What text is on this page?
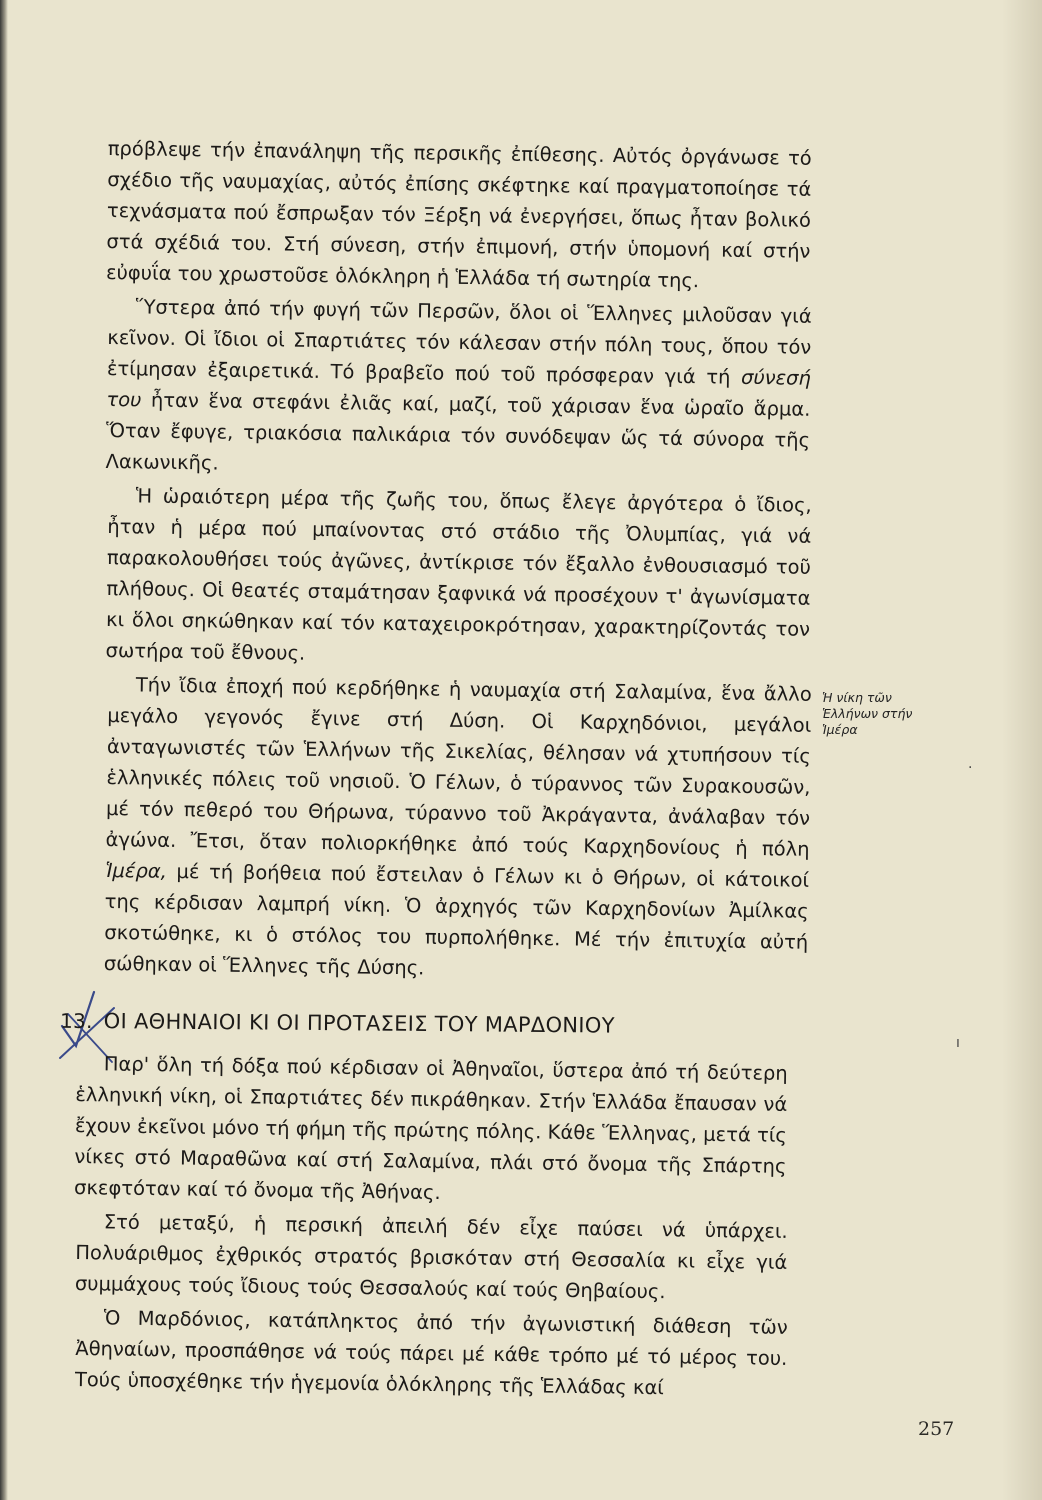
πρόβλεψε τήν ἐπανάληψη τῆς περσικῆς ἐπίθεσης. Αὐτός ὀργάνωσε τό σχέδιο τῆς ναυμαχίας, αὐτός ἐπίσης σκέφτηκε καί πραγματοποίησε τά τεχνάσματα πού ἔσπρωξαν τόν Ξέρξη νά ἐνεργήσει, ὅπως ἦταν βολικό στά σχέδιά του. Στή σύνεση, στήν ἐπιμονή, στήν ὑπομονή καί στήν εὐφυΐα του χρωστοῦσε ὁλόκληρη ἡ Ἑλλάδα τή σωτηρία της.

Ὕστερα ἀπό τήν φυγή τῶν Περσῶν, ὅλοι οἱ Ἕλληνες μιλοῦσαν γιά κεῖνον. Οἱ ἴδιοι οἱ Σπαρτιάτες τόν κάλεσαν στήν πόλη τους, ὅπου τόν ἐτίμησαν ἐξαιρετικά. Τό βραβεῖο πού τοῦ πρόσφεραν γιά τή σύνεσή του ἦταν ἕνα στεφάνι ἐλιᾶς καί, μαζί, τοῦ χάρισαν ἕνα ὡραῖο ἅρμα. Ὅταν ἔφυγε, τριακόσια παλικάρια τόν συνόδεψαν ὥς τά σύνορα τῆς Λακωνικῆς.

Ἡ ὡραιότερη μέρα τῆς ζωῆς του, ὅπως ἔλεγε ἀργότερα ὁ ἴδιος, ἦταν ἡ μέρα πού μπαίνοντας στό στάδιο τῆς Ὀλυμπίας, γιά νά παρακολουθήσει τούς ἀγῶνες, ἀντίκρισε τόν ἔξαλλο ἐνθουσιασμό τοῦ πλήθους. Οἱ θεατές σταμάτησαν ξαφνικά νά προσέχουν τ' ἀγωνίσματα κι ὅλοι σηκώθηκαν καί τόν καταχειροκρότησαν, χαρακτηρίζοντάς τον σωτήρα τοῦ ἔθνους.

Τήν ἴδια ἐποχή πού κερδήθηκε ἡ ναυμαχία στή Σαλαμίνα, ἕνα ἄλλο μεγάλο γεγονός ἔγινε στή Δύση. Οἱ Καρχηδόνιοι, μεγάλοι ἀνταγωνιστές τῶν Ἑλλήνων τῆς Σικελίας, θέλησαν νά χτυπήσουν τίς ἑλληνικές πόλεις τοῦ νησιοῦ. Ὁ Γέλων, ὁ τύραννος τῶν Συρακουσῶν, μέ τόν πεθερό του Θήρωνα, τύραννο τοῦ Ἀκράγαντα, ἀνάλαβαν τόν ἀγώνα. Ἔτσι, ὅταν πολιορκήθηκε ἀπό τούς Καρχηδονίους ἡ πόλη Ἱμέρα, μέ τή βοήθεια πού ἔστειλαν ὁ Γέλων κι ὁ Θήρων, οἱ κάτοικοί της κέρδισαν λαμπρή νίκη. Ὁ ἀρχηγός τῶν Καρχηδονίων Ἀμίλκας σκοτώθηκε, κι ὁ στόλος του πυρπολήθηκε. Μέ τήν ἐπιτυχία αὐτή σώθηκαν οἱ Ἕλληνες τῆς Δύσης.

Ἡ νίκη τῶν Ἑλλήνων στήν Ἱμέρα
13. ΟΙ ΑΘΗΝΑΙΟΙ ΚΙ ΟΙ ΠΡΟΤΑΣΕΙΣ ΤΟΥ ΜΑΡΔΟΝΙΟΥ

Παρ' ὅλη τή δόξα πού κέρδισαν οἱ Ἀθηναῖοι, ὕστερα ἀπό τή δεύτερη ἑλληνική νίκη, οἱ Σπαρτιάτες δέν πικράθηκαν. Στήν Ἑλλάδα ἔπαυσαν νά ἔχουν ἐκεῖνοι μόνο τή φήμη τῆς πρώτης πόλης. Κάθε Ἕλληνας, μετά τίς νίκες στό Μαραθῶνα καί στή Σαλαμίνα, πλάι στό ὄνομα τῆς Σπάρτης σκεφτόταν καί τό ὄνομα τῆς Ἀθήνας.

Στό μεταξύ, ἡ περσική ἀπειλή δέν εἶχε παύσει νά ὑπάρχει. Πολυάριθμος ἐχθρικός στρατός βρισκόταν στή Θεσσαλία κι εἶχε γιά συμμάχους τούς ἴδιους τούς Θεσσαλούς καί τούς Θηβαίους.

Ὁ Μαρδόνιος, κατάπληκτος ἀπό τήν ἀγωνιστική διάθεση τῶν Ἀθηναίων, προσπάθησε νά τούς πάρει μέ κάθε τρόπο μέ τό μέρος του. Τούς ὑποσχέθηκε τήν ἡγεμονία ὁλόκληρης τῆς Ἑλλάδας καί

·
ı
257
